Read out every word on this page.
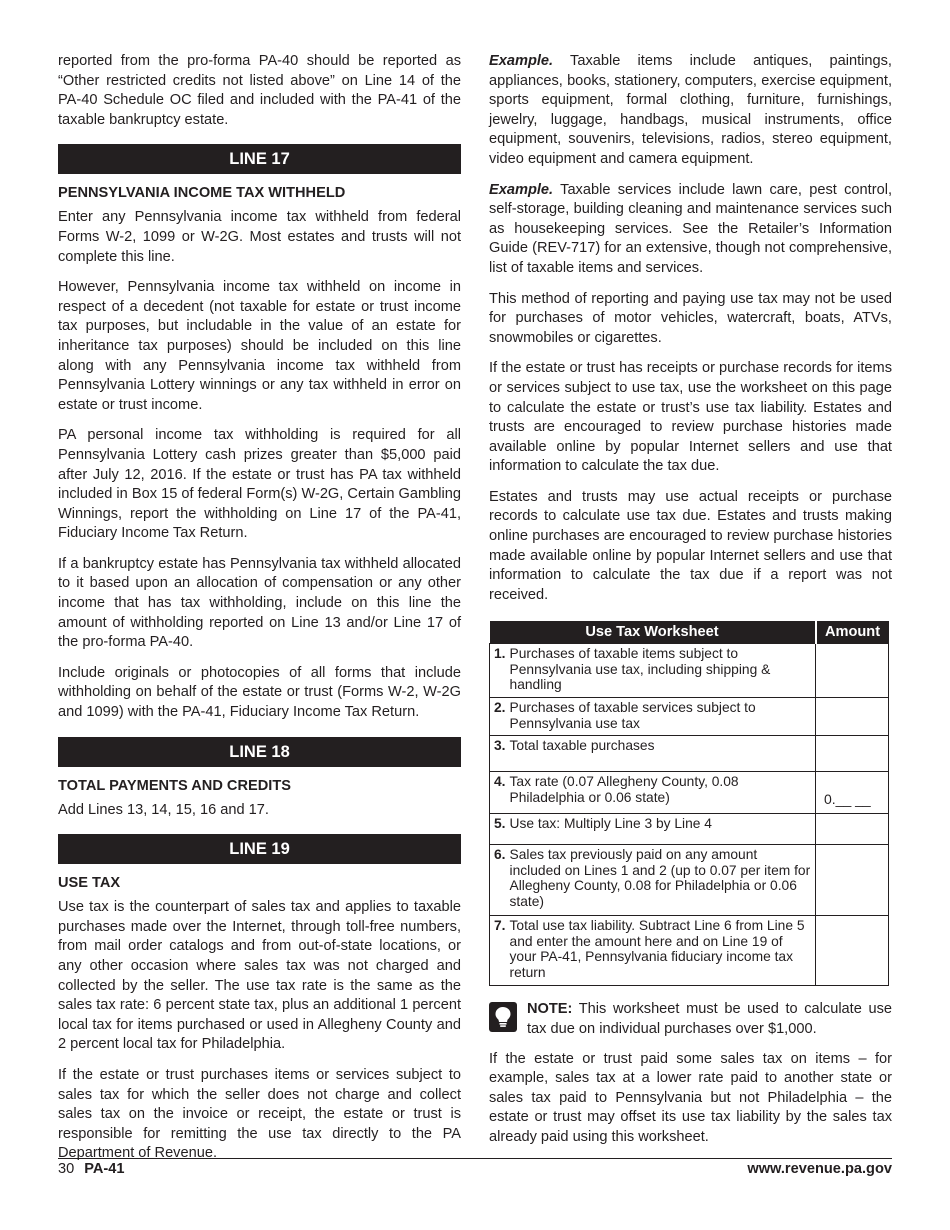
reported from the pro-forma PA-40 should be reported as “Other restricted credits not listed above” on Line 14 of the PA-40 Schedule OC filed and included with the PA-41 of the taxable bankruptcy estate.

LINE 17
PENNSYLVANIA INCOME TAX WITHHELD

Enter any Pennsylvania income tax withheld from federal Forms W-2, 1099 or W-2G. Most estates and trusts will not complete this line.

However, Pennsylvania income tax withheld on income in respect of a decedent (not taxable for estate or trust income tax purposes, but includable in the value of an estate for inheritance tax purposes) should be included on this line along with any Pennsylvania income tax withheld from Pennsylvania Lottery winnings or any tax withheld in error on estate or trust income.

PA personal income tax withholding is required for all Pennsylvania Lottery cash prizes greater than $5,000 paid after July 12, 2016. If the estate or trust has PA tax withheld included in Box 15 of federal Form(s) W-2G, Certain Gambling Winnings, report the withholding on Line 17 of the PA-41, Fiduciary Income Tax Return.

If a bankruptcy estate has Pennsylvania tax withheld allocated to it based upon an allocation of compensation or any other income that has tax withholding, include on this line the amount of withholding reported on Line 13 and/or Line 17 of the pro-forma PA-40.

Include originals or photocopies of all forms that include withholding on behalf of the estate or trust (Forms W-2, W-2G and 1099) with the PA-41, Fiduciary Income Tax Return.

LINE 18
TOTAL PAYMENTS AND CREDITS

Add Lines 13, 14, 15, 16 and 17.

LINE 19
USE TAX

Use tax is the counterpart of sales tax and applies to taxable purchases made over the Internet, through toll-free numbers, from mail order catalogs and from out-of-state locations, or any other occasion where sales tax was not charged and collected by the seller. The use tax rate is the same as the sales tax rate: 6 percent state tax, plus an additional 1 percent local tax for items purchased or used in Allegheny County and 2 percent local tax for Philadelphia.

If the estate or trust purchases items or services subject to sales tax for which the seller does not charge and collect sales tax on the invoice or receipt, the estate or trust is responsible for remitting the use tax directly to the PA Department of Revenue.

Example. Taxable items include antiques, paintings, appliances, books, stationery, computers, exercise equipment, sports equipment, formal clothing, furniture, furnishings, jewelry, luggage, handbags, musical instruments, office equipment, souvenirs, televisions, radios, stereo equipment, video equipment and camera equipment.

Example. Taxable services include lawn care, pest control, self-storage, building cleaning and maintenance services such as housekeeping services. See the Retailer’s Information Guide (REV-717) for an extensive, though not comprehensive, list of taxable items and services.

This method of reporting and paying use tax may not be used for purchases of motor vehicles, watercraft, boats, ATVs, snowmobiles or cigarettes.

If the estate or trust has receipts or purchase records for items or services subject to use tax, use the worksheet on this page to calculate the estate or trust’s use tax liability. Estates and trusts are encouraged to review purchase histories made available online by popular Internet sellers and use that information to calculate the tax due.

Estates and trusts may use actual receipts or purchase records to calculate use tax due. Estates and trusts making online purchases are encouraged to review purchase histories made available online by popular Internet sellers and use that information to calculate the tax due if a report was not received.

Use Tax Worksheet	Amount

1. Purchases of taxable items subject to Pennsylvania use tax, including shipping & handling	

2. Purchases of taxable services subject to Pennsylvania use tax	

3. Total taxable purchases	

4. Tax rate (0.07 Allegheny County, 0.08 Philadelphia or 0.06 state)	0.__ __

5. Use tax: Multiply Line 3 by Line 4	

6. Sales tax previously paid on any amount included on Lines 1 and 2 (up to 0.07 per item for Allegheny County, 0.08 for Philadelphia or 0.06 state)	

7. Total use tax liability. Subtract Line 6 from Line 5 and enter the amount here and on Line 19 of your PA-41, Pennsylvania fiduciary income tax return	

NOTE: This worksheet must be used to calculate use tax due on individual purchases over $1,000.

If the estate or trust paid some sales tax on items – for example, sales tax at a lower rate paid to another state or sales tax paid to Pennsylvania but not Philadelphia – the estate or trust may offset its use tax liability by the sales tax already paid using this worksheet.

30 PA-41	www.revenue.pa.gov
